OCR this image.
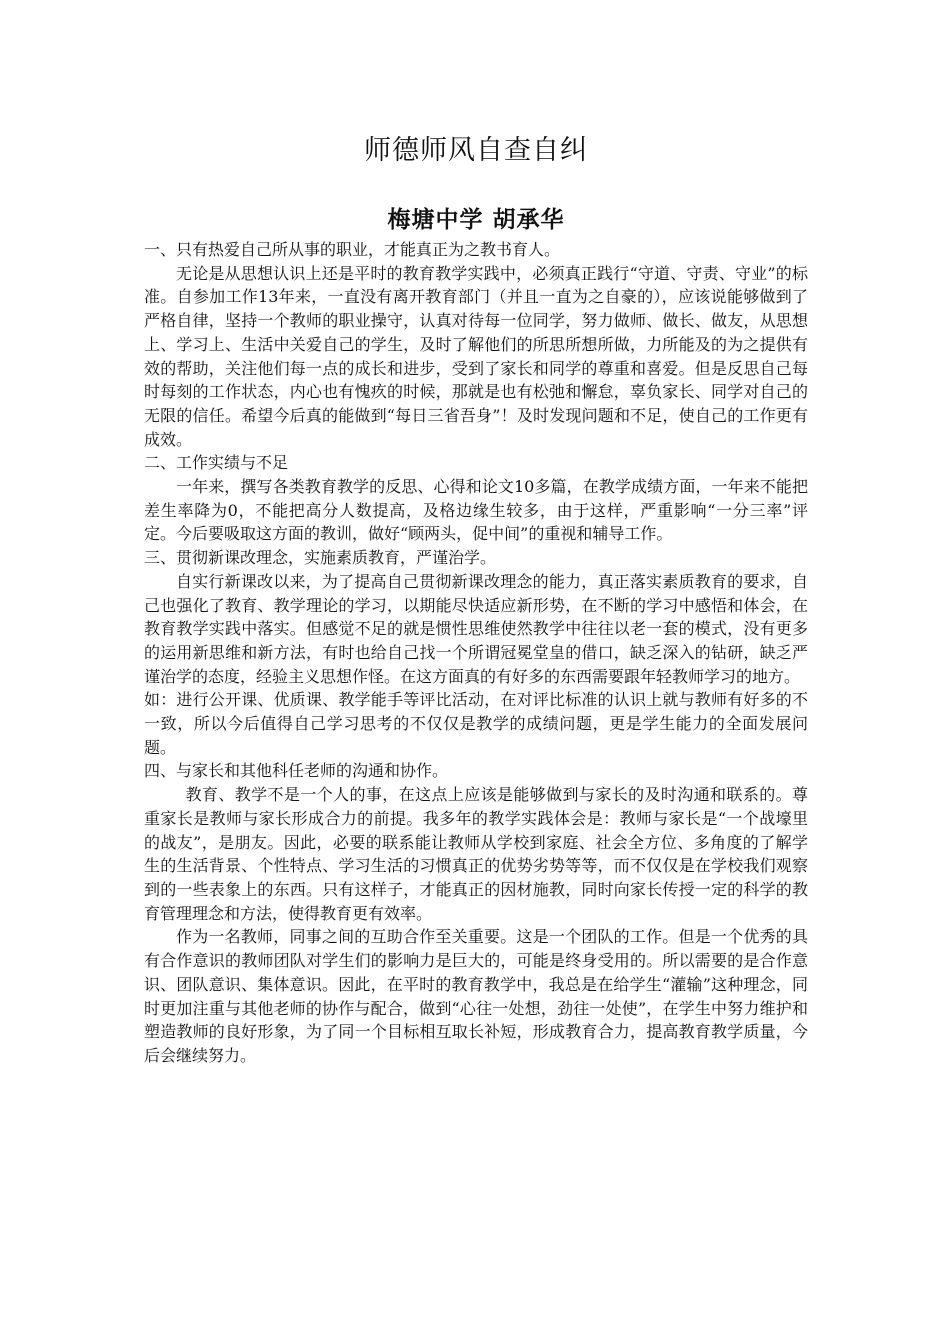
师德师风自查自纠
梅塘中学 胡承华

一、只有热爱自己所从事的职业，才能真正为之教书育人。

无论是从思想认识上还是平时的教育教学实践中，必须真正践行“守道、守责、守业”的标准。自参加工作13年来，一直没有离开教育部门（并且一直为之自豪的），应该说能够做到了严格自律，坚持一个教师的职业操守，认真对待每一位同学，努力做师、做长、做友，从思想上、学习上、生活中关爱自己的学生，及时了解他们的所思所想所做，力所能及的为之提供有效的帮助，关注他们每一点的成长和进步，受到了家长和同学的尊重和喜爱。但是反思自己每时每刻的工作状态，内心也有愧疚的时候，那就是也有松弛和懈怠，辜负家长、同学对自己的无限的信任。希望今后真的能做到“每日三省吾身”！及时发现问题和不足，使自己的工作更有成效。

二、工作实绩与不足

一年来，撰写各类教育教学的反思、心得和论文10多篇，在教学成绩方面，一年来不能把差生率降为0，不能把高分人数提高，及格边缘生较多，由于这样，严重影响“一分三率”评定。今后要吸取这方面的教训，做好“顾两头，促中间”的重视和辅导工作。

三、贯彻新课改理念，实施素质教育，严谨治学。

自实行新课改以来，为了提高自己贯彻新课改理念的能力，真正落实素质教育的要求，自己也强化了教育、教学理论的学习，以期能尽快适应新形势，在不断的学习中感悟和体会，在教育教学实践中落实。但感觉不足的就是惯性思维使然教学中往往以老一套的模式，没有更多的运用新思维和新方法，有时也给自己找一个所谓冠冕堂皇的借口，缺乏深入的钻研，缺乏严谨治学的态度，经验主义思想作怪。在这方面真的有好多的东西需要跟年轻教师学习的地方。

如：进行公开课、优质课、教学能手等评比活动，在对评比标准的认识上就与教师有好多的不一致，所以今后值得自己学习思考的不仅仅是教学的成绩问题，更是学生能力的全面发展问题。

四、与家长和其他科任老师的沟通和协作。

教育、教学不是一个人的事，在这点上应该是能够做到与家长的及时沟通和联系的。尊重家长是教师与家长形成合力的前提。我多年的教学实践体会是：教师与家长是“一个战壕里的战友”，是朋友。因此，必要的联系能让教师从学校到家庭、社会全方位、多角度的了解学生的生活背景、个性特点、学习生活的习惯真正的优势劣势等等，而不仅仅是在学校我们观察到的一些表象上的东西。只有这样子，才能真正的因材施教，同时向家长传授一定的科学的教育管理理念和方法，使得教育更有效率。

作为一名教师，同事之间的互助合作至关重要。这是一个团队的工作。但是一个优秀的具有合作意识的教师团队对学生们的影响力是巨大的，可能是终身受用的。所以需要的是合作意识、团队意识、集体意识。因此，在平时的教育教学中，我总是在给学生“灌输”这种理念，同时更加注重与其他老师的协作与配合，做到“心往一处想，劲往一处使”，在学生中努力维护和塑造教师的良好形象，为了同一个目标相互取长补短，形成教育合力，提高教育教学质量，今后会继续努力。
